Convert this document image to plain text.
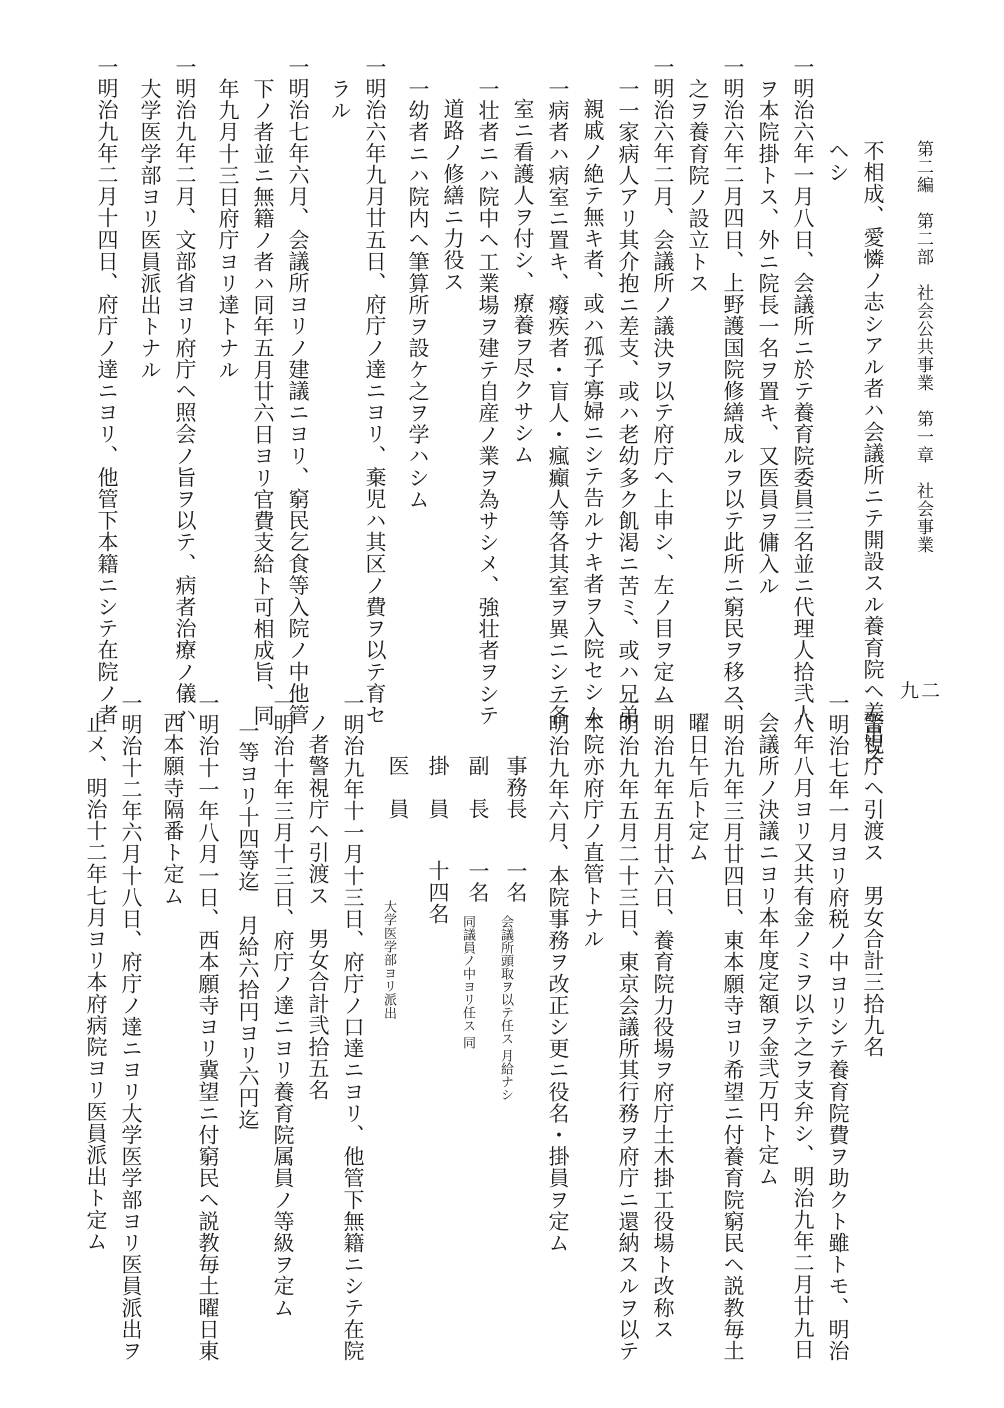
第二編　第二部　社会公共事業　第一章　社会事業
九二
不相成、愛憐ノ志シアル者ハ会議所ニテ開設スル養育院ヘ差出ス
ヘシ
一明治六年一月八日、会議所ニ於テ養育院委員三名並ニ代理人拾弐人
ヲ本院掛トス、外ニ院長一名ヲ置キ、又医員ヲ傭入ル
一明治六年二月四日、上野護国院修繕成ルヲ以テ此所ニ窮民ヲ移ス、
之ヲ養育院ノ設立トス
一明治六年二月、会議所ノ議決ヲ以テ府庁ヘ上申シ、左ノ目ヲ定ム
一一家病人アリ其介抱ニ差支、或ハ老幼多ク飢渇ニ苦ミ、或ハ兄弟
親戚ノ絶テ無キ者、或ハ孤子寡婦ニシテ告ルナキ者ヲ入院セシム
一病者ハ病室ニ置キ、癈疾者・盲人・瘋癲人等各其室ヲ異ニシテ各
室ニ看護人ヲ付シ、療養ヲ尽クサシム
一壮者ニハ院中ヘ工業場ヲ建テ自産ノ業ヲ為サシメ、強壮者ヲシテ
道路ノ修繕ニ力役ス
一幼者ニハ院内ヘ筆算所ヲ設ケ之ヲ学ハシム
一明治六年九月廿五日、府庁ノ達ニヨリ、棄児ハ其区ノ費ヲ以テ育セ
ラル
一明治七年六月、会議所ヨリノ建議ニヨリ、窮民乞食等入院ノ中他管
下ノ者並ニ無籍ノ者ハ同年五月廿六日ヨリ官費支給ト可相成旨、同
年九月十三日府庁ヨリ達トナル
一明治九年二月、文部省ヨリ府庁ヘ照会ノ旨ヲ以テ、病者治療ノ儀ハ
大学医学部ヨリ医員派出トナル
一明治九年二月十四日、府庁ノ達ニヨリ、他管下本籍ニシテ在院ノ者
警視庁ヘ引渡ス　男女合計三拾九名
一明治七年一月ヨリ府税ノ中ヨリシテ養育院費ヲ助クト雖トモ、明治
八年八月ヨリ又共有金ノミヲ以テ之ヲ支弁シ、明治九年二月廿九日
会議所ノ決議ニヨリ本年度定額ヲ金弐万円ト定ム
一明治九年三月廿四日、東本願寺ヨリ希望ニ付養育院窮民ヘ説教毎土
曜日午后ト定ム
一明治九年五月廿六日、養育院力役場ヲ府庁土木掛工役場ト改称ス
一明治九年五月二十三日、東京会議所其行務ヲ府庁ニ還納スルヲ以テ
本院亦府庁ノ直管トナル
一明治九年六月、本院事務ヲ改正シ更ニ役名・掛員ヲ定ム
事務長
一名
会議所頭取ヲ以テ任ス 月給ナシ
副　長
一名
同議員ノ中ヨリ任ス 同
掛　員
十四名
医　員
大学医学部ヨリ派出
一明治九年十一月十三日、府庁ノ口達ニヨリ、他管下無籍ニシテ在院
ノ者警視庁ヘ引渡ス　男女合計弐拾五名
一明治十年三月十三日、府庁ノ達ニヨリ養育院属員ノ等級ヲ定ム
一等ヨリ十四等迄　月給六拾円ヨリ六円迄
一明治十一年八月一日、西本願寺ヨリ冀望ニ付窮民ヘ説教毎土曜日東
西本願寺隔番ト定ム
一明治十二年六月十八日、府庁ノ達ニヨリ大学医学部ヨリ医員派出ヲ
止メ、明治十二年七月ヨリ本府病院ヨリ医員派出ト定ム
